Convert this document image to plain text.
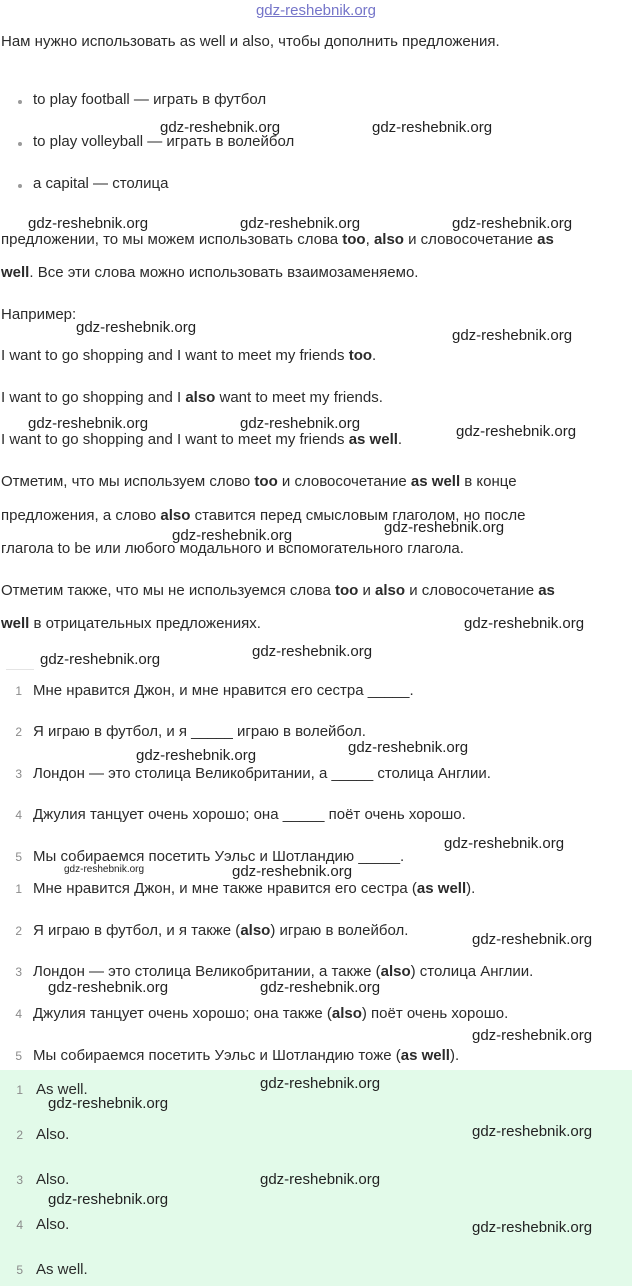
gdz-reshebnik.org
Нам нужно использовать as well и also, чтобы дополнить предложения.
to play football — играть в футбол
to play volleyball — играть в волейбол
a capital — столица
предложении, то мы можем использовать слова too, also и словосочетание as
well. Все эти слова можно использовать взаимозаменяемо.
Например:
I want to go shopping and I want to meet my friends too.
I want to go shopping and I also want to meet my friends.
I want to go shopping and I want to meet my friends as well.
Отметим, что мы используем слово too и словосочетание as well в конце
предложения, а слово also ставится перед смысловым глаголом, но после
глагола to be или любого модального и вспомогательного глагола.
Отметим также, что мы не используемся слова too и also и словосочетание as
well в отрицательных предложениях.
1 Мне нравится Джон, и мне нравится его сестра _____.
2 Я играю в футбол, и я _____ играю в волейбол.
3 Лондон — это столица Великобритании, а _____ столица Англии.
4 Джулия танцует очень хорошо; она _____ поёт очень хорошо.
5 Мы собираемся посетить Уэльс и Шотландию _____.
1 Мне нравится Джон, и мне также нравится его сестра (as well).
2 Я играю в футбол, и я также (also) играю в волейбол.
3 Лондон — это столица Великобритании, а также (also) столица Англии.
4 Джулия танцует очень хорошо; она также (also) поёт очень хорошо.
5 Мы собираемся посетить Уэльс и Шотландию тоже (as well).
1 As well.
2 Also.
3 Also.
4 Also.
5 As well.
gdz-reshebnik.org	gdz-reshebnik.org
gdz-reshebnik.org	gdz-reshebnik.org	gdz-reshebnik.org
gdz-reshebnik.org	gdz-reshebnik.org
gdz-reshebnik.org	gdz-reshebnik.org	gdz-reshebnik.org
gdz-reshebnik.org
gdz-reshebnik.org
gdz-reshebnik.org
gdz-reshebnik.org
gdz-reshebnik.org
gdz-reshebnik.org
gdz-reshebnik.org
gdz-reshebnik.org
gdz-reshebnik.org	gdz-reshebnik.org
gdz-reshebnik.org
gdz-reshebnik.org	gdz-reshebnik.org
gdz-reshebnik.org
gdz-reshebnik.org
gdz-reshebnik.org
gdz-reshebnik.org
gdz-reshebnik.org
gdz-reshebnik.org
gdz-reshebnik.org
